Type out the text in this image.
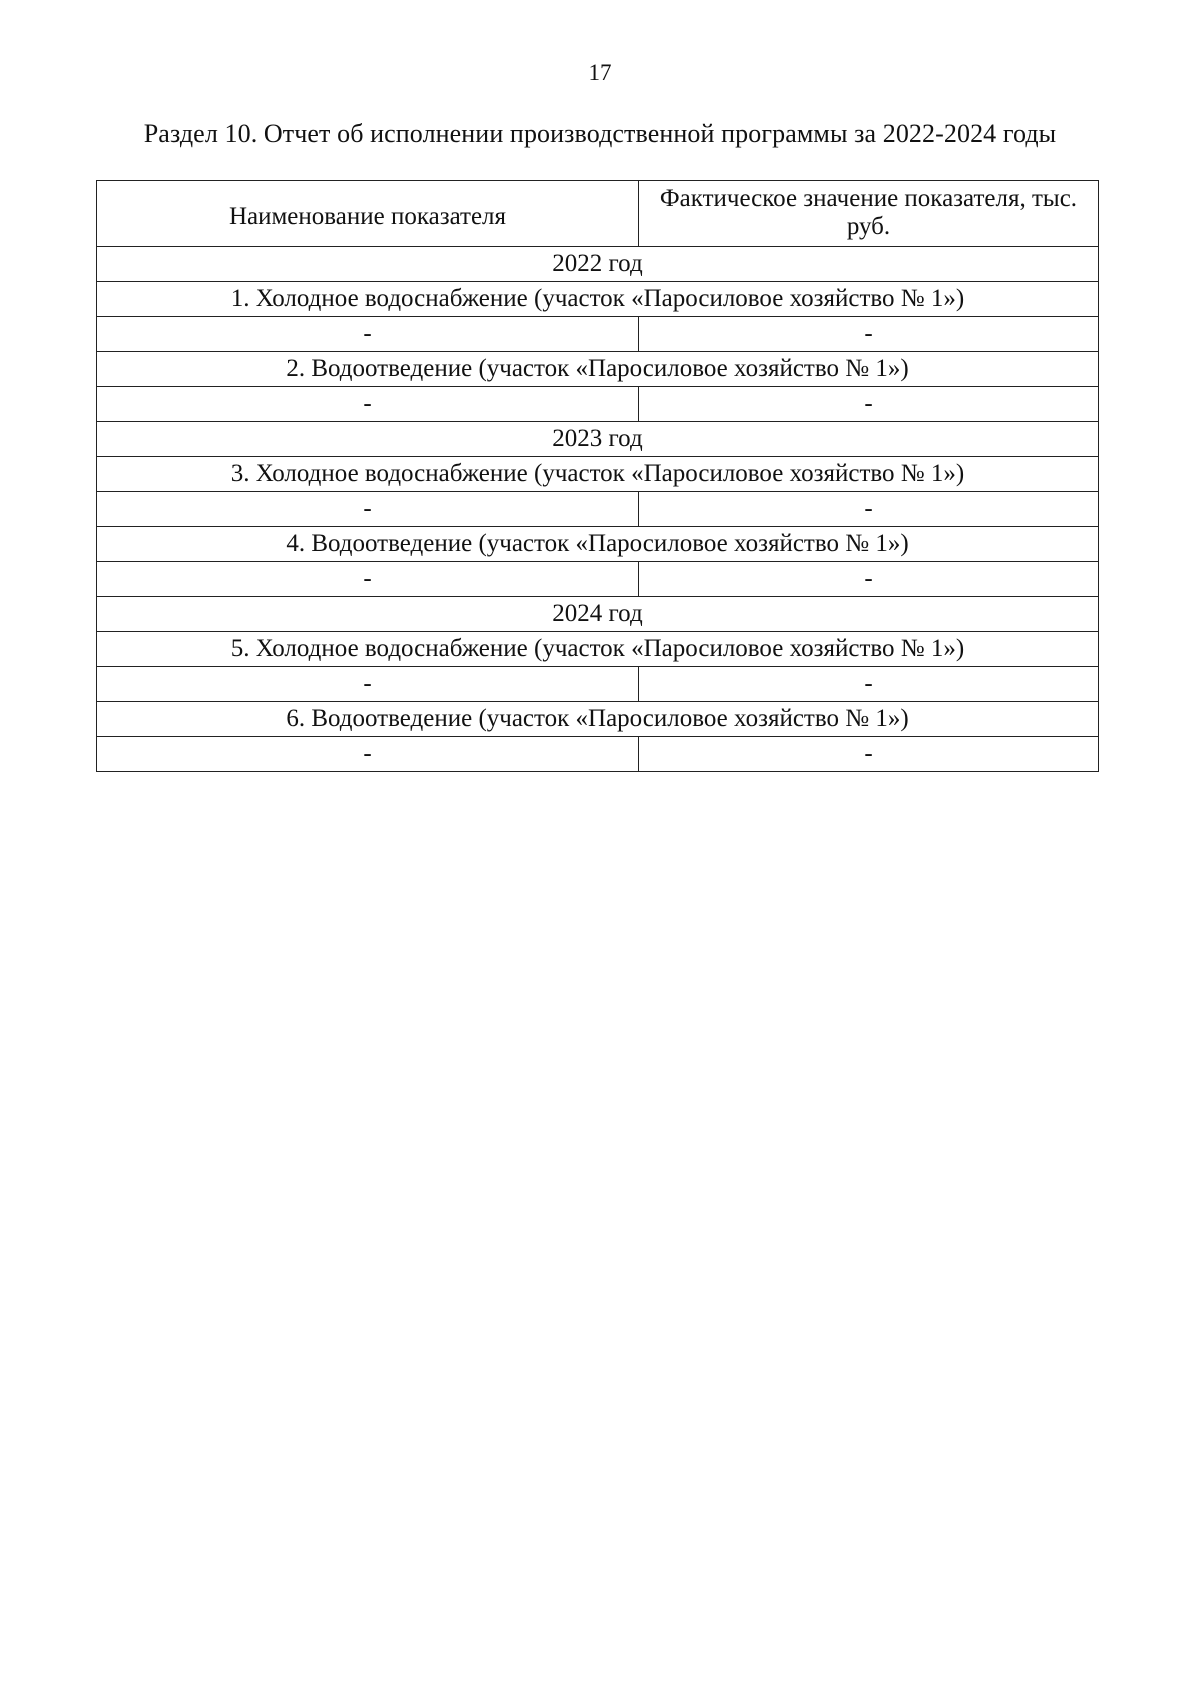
17
Раздел 10. Отчет об исполнении производственной программы за 2022-2024 годы
Наименование показателя	Фактическое значение показателя, тыс. руб.
2022 год	
1. Холодное водоснабжение (участок «Паросиловое хозяйство № 1»)	
-	-
2. Водоотведение (участок «Паросиловое хозяйство № 1»)	
-	-
2023 год	
3. Холодное водоснабжение (участок «Паросиловое хозяйство № 1»)	
-	-
4. Водоотведение (участок «Паросиловое хозяйство № 1»)	
-	-
2024 год	
5. Холодное водоснабжение (участок «Паросиловое хозяйство № 1»)	
-	-
6. Водоотведение (участок «Паросиловое хозяйство № 1»)	
-	-
